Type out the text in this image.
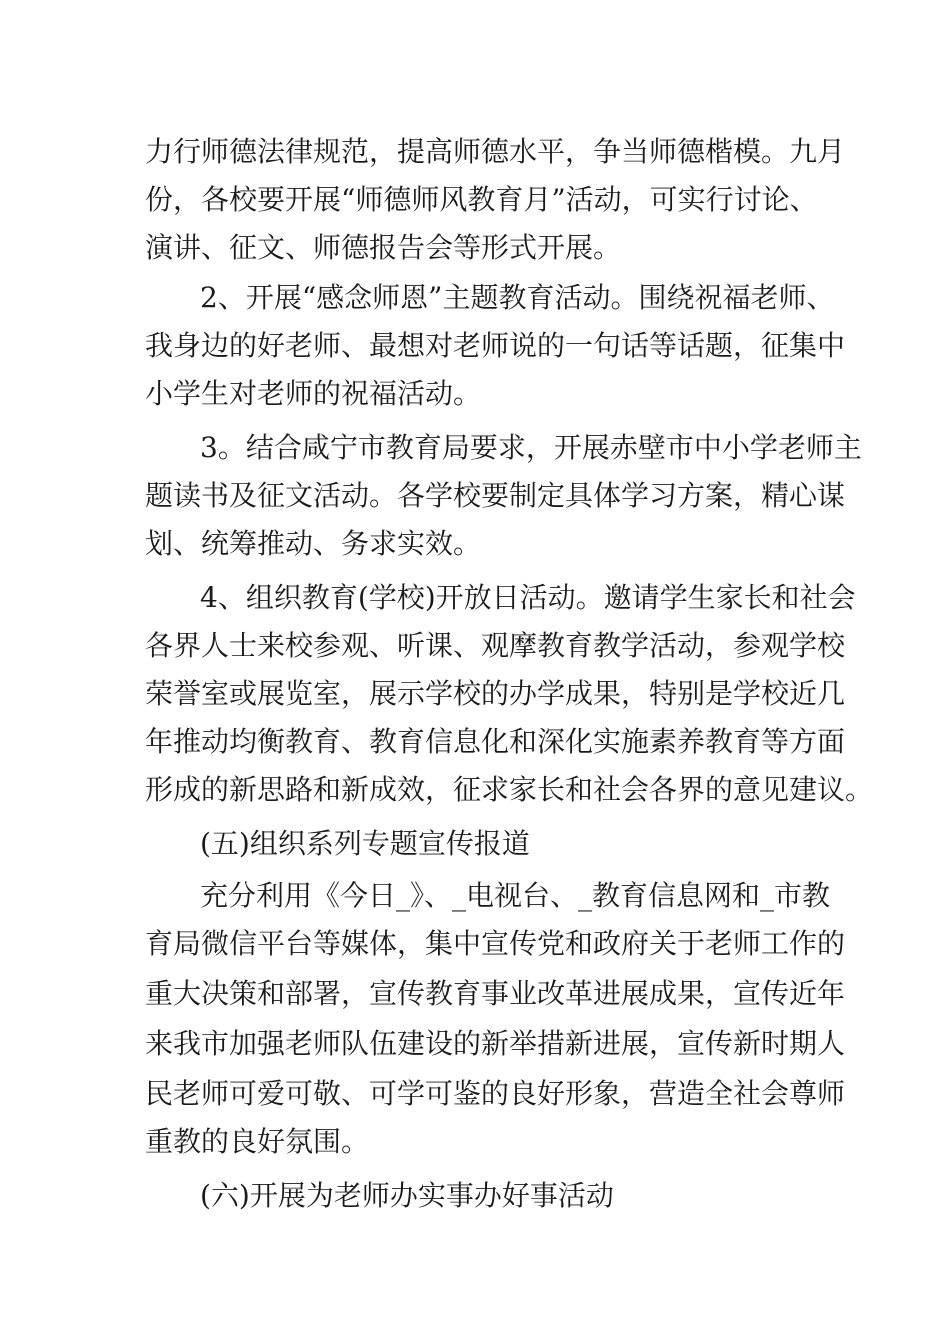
力行师德法律规范，提高师德水平，争当师德楷模。九月
份，各校要开展“师德师风教育月”活动，可实行讨论、
演讲、征文、师德报告会等形式开展。
2、开展“感念师恩”主题教育活动。围绕祝福老师、
我身边的好老师、最想对老师说的一句话等话题，征集中
小学生对老师的祝福活动。
3。结合咸宁市教育局要求，开展赤壁市中小学老师主
题读书及征文活动。各学校要制定具体学习方案，精心谋
划、统筹推动、务求实效。
4、组织教育(学校)开放日活动。邀请学生家长和社会
各界人士来校参观、听课、观摩教育教学活动，参观学校
荣誉室或展览室，展示学校的办学成果，特别是学校近几
年推动均衡教育、教育信息化和深化实施素养教育等方面
形成的新思路和新成效，征求家长和社会各界的意见建议。
(五)组织系列专题宣传报道
充分利用《今日_》、_电视台、_教育信息网和_市教
育局微信平台等媒体，集中宣传党和政府关于老师工作的
重大决策和部署，宣传教育事业改革进展成果，宣传近年
来我市加强老师队伍建设的新举措新进展，宣传新时期人
民老师可爱可敬、可学可鉴的良好形象，营造全社会尊师
重教的良好氛围。
(六)开展为老师办实事办好事活动
